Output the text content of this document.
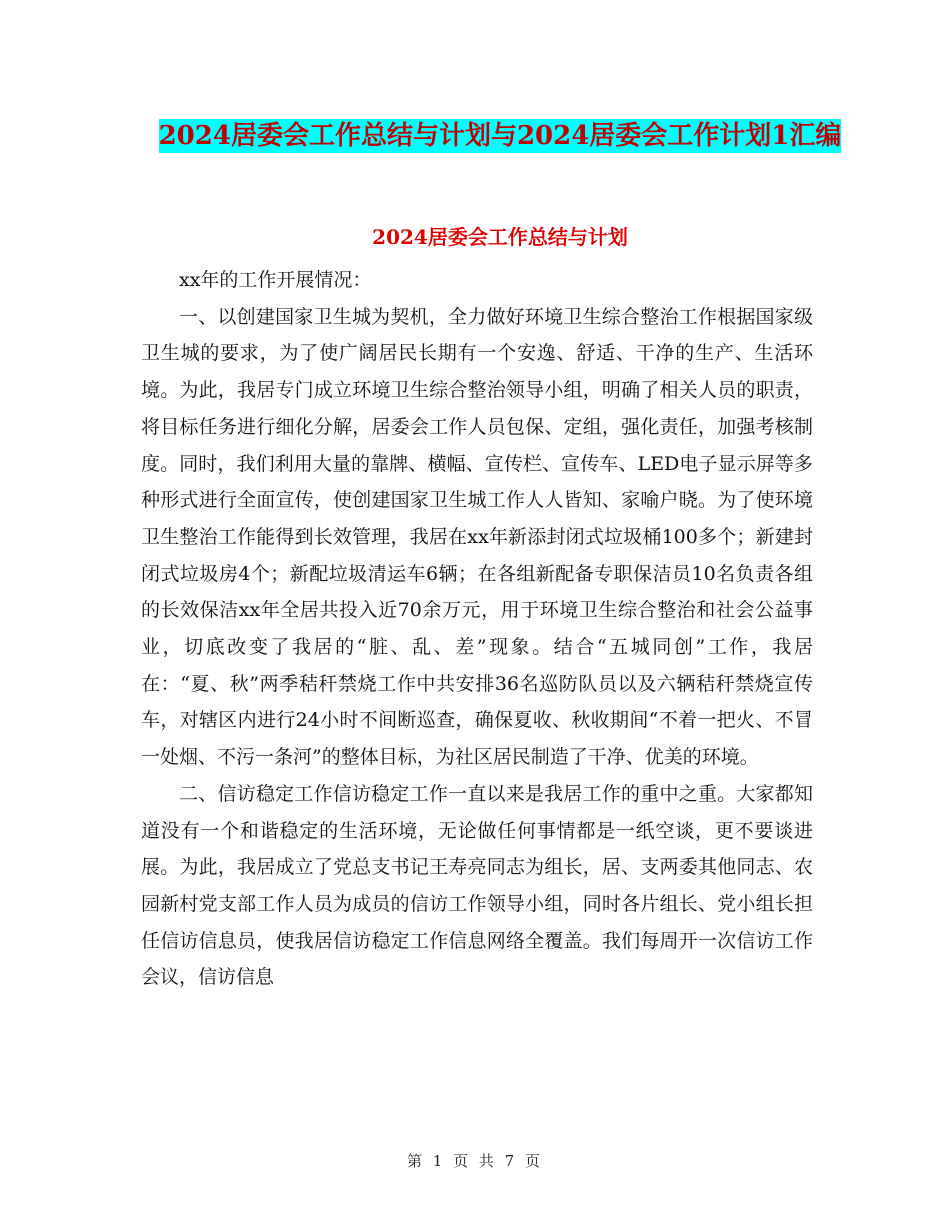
2024居委会工作总结与计划与2024居委会工作计划1汇编
2024居委会工作总结与计划

xx年的工作开展情况：

一、以创建国家卫生城为契机，全力做好环境卫生综合整治工作根据国家级卫生城的要求，为了使广阔居民长期有一个安逸、舒适、干净的生产、生活环境。为此，我居专门成立环境卫生综合整治领导小组，明确了相关人员的职责，将目标任务进行细化分解，居委会工作人员包保、定组，强化责任，加强考核制度。同时，我们利用大量的靠牌、横幅、宣传栏、宣传车、LED电子显示屏等多种形式进行全面宣传，使创建国家卫生城工作人人皆知、家喻户晓。为了使环境卫生整治工作能得到长效管理，我居在xx年新添封闭式垃圾桶100多个；新建封闭式垃圾房4个；新配垃圾清运车6辆；在各组新配备专职保洁员10名负责各组的长效保洁xx年全居共投入近70余万元，用于环境卫生综合整治和社会公益事业，切底改变了我居的“脏、乱、差”现象。结合“五城同创”工作，我居在：“夏、秋”两季秸秆禁烧工作中共安排36名巡防队员以及六辆秸秆禁烧宣传车，对辖区内进行24小时不间断巡查，确保夏收、秋收期间“不着一把火、不冒一处烟、不污一条河”的整体目标，为社区居民制造了干净、优美的环境。

二、信访稳定工作信访稳定工作一直以来是我居工作的重中之重。大家都知道没有一个和谐稳定的生活环境，无论做任何事情都是一纸空谈，更不要谈进展。为此，我居成立了党总支书记王寿亮同志为组长，居、支两委其他同志、农园新村党支部工作人员为成员的信访工作领导小组，同时各片组长、党小组长担任信访信息员，使我居信访稳定工作信息网络全覆盖。我们每周开一次信访工作会议，信访信息

第 1 页 共 7 页
